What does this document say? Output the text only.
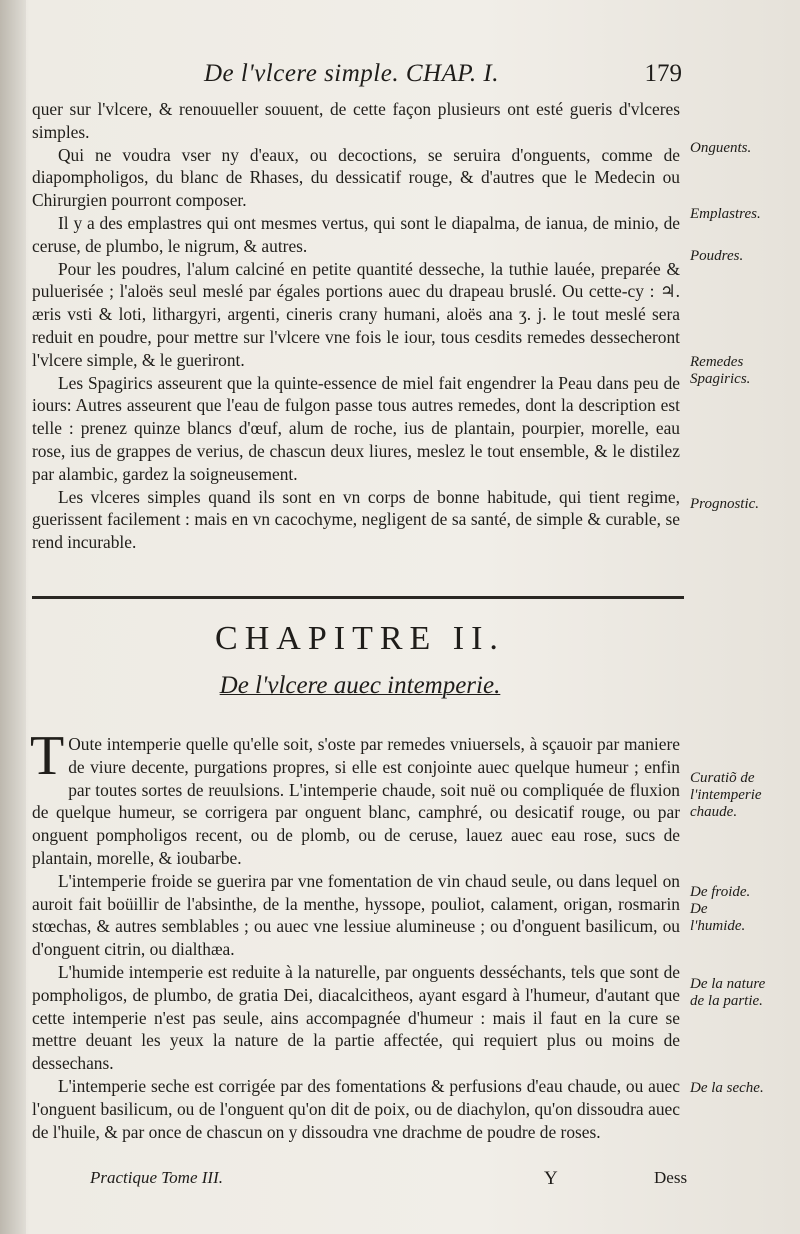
De l'vlcere simple. CHAP. I.	179

quer sur l'vlcere, & renouueller souuent, de cette façon plusieurs ont esté gueris d'vlceres simples.

Qui ne voudra vser ny d'eaux, ou decoctions, se seruira d'onguents, comme de diapompholigos, du blanc de Rhases, du dessicatif rouge, & d'autres que le Medecin ou Chirurgien pourront composer.

Il y a des emplastres qui ont mesmes vertus, qui sont le diapalma, de ianua, de minio, de ceruse, de plumbo, le nigrum, & autres.

Pour les poudres, l'alum calciné en petite quantité desseche, la tuthie lauée, preparée & puluerisée ; l'aloës seul meslé par égales portions auec du drapeau bruslé. Ou cette-cy : ♃. æris vsti & loti, lithargyri, argenti, cineris crany humani, aloës ana ʒ. j. le tout meslé sera reduit en poudre, pour mettre sur l'vlcere vne fois le iour, tous cesdits remedes dessecheront l'vlcere simple, & le gueriront.

Les Spagirics asseurent que la quinte-essence de miel fait engendrer la Peau dans peu de iours: Autres asseurent que l'eau de fulgon passe tous autres remedes, dont la description est telle : prenez quinze blancs d'œuf, alum de roche, ius de plantain, pourpier, morelle, eau rose, ius de grappes de verius, de chascun deux liures, meslez le tout ensemble, & le distilez par alambic, gardez la soigneusement.

Les vlceres simples quand ils sont en vn corps de bonne habitude, qui tient regime, guerissent facilement : mais en vn cacochyme, negligent de sa santé, de simple & curable, se rend incurable.

Onguents.
Emplastres.
Poudres.
Remedes Spagirics.
Prognostic.
CHAPITRE II.
De l'vlcere auec intemperie.

T Oute intemperie quelle qu'elle soit, s'oste par remedes vniuersels, à sçauoir par maniere de viure decente, purgations propres, si elle est conjointe auec quelque humeur ; enfin par toutes sortes de reuulsions. L'intemperie chaude, soit nuë ou compliquée de fluxion de quelque humeur, se corrigera par onguent blanc, camphré, ou desicatif rouge, ou par onguent pompholigos recent, ou de plomb, ou de ceruse, lauez auec eau rose, sucs de plantain, morelle, & ioubarbe.

L'intemperie froide se guerira par vne fomentation de vin chaud seule, ou dans lequel on auroit fait boüillir de l'absinthe, de la menthe, hyssope, pouliot, calament, origan, rosmarin stœchas, & autres semblables ; ou auec vne lessiue alumineuse ; ou d'onguent basilicum, ou d'onguent citrin, ou dialthæa.

L'humide intemperie est reduite à la naturelle, par onguents desséchants, tels que sont de pompholigos, de plumbo, de gratia Dei, diacalcitheos, ayant esgard à l'humeur, d'autant que cette intemperie n'est pas seule, ains accompagnée d'humeur : mais il faut en la cure se mettre deuant les yeux la nature de la partie affectée, qui requiert plus ou moins de dessechans.

L'intemperie seche est corrigée par des fomentations & perfusions d'eau chaude, ou auec l'onguent basilicum, ou de l'onguent qu'on dit de poix, ou de diachylon, qu'on dissoudra auec de l'huile, & par once de chascun on y dissoudra vne drachme de poudre de roses.

Curatiõ de l'intemperie chaude.
De froide. De l'humide.
De la nature de la partie.
De la seche.
Practique Tome III.	Y	Dess
